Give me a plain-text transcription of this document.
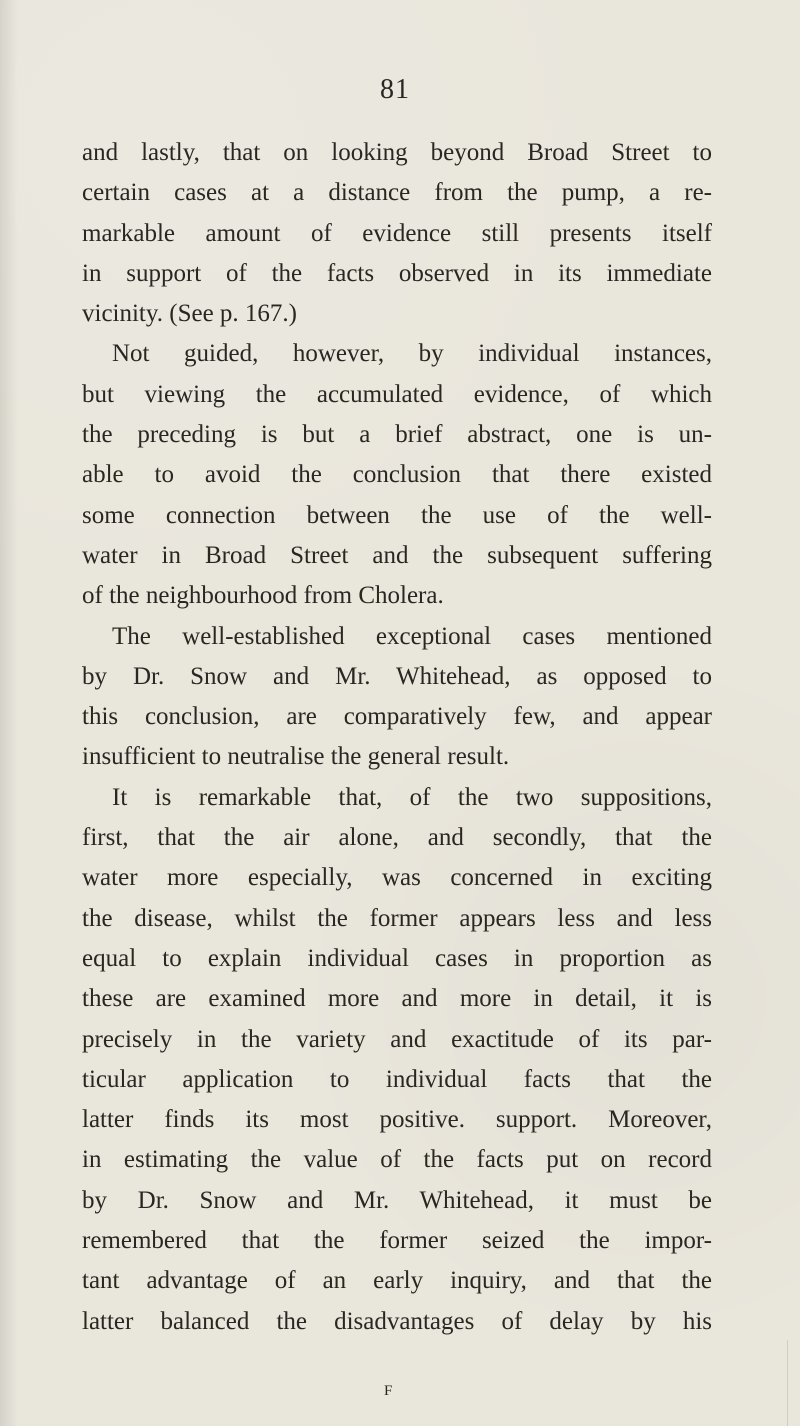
81
and lastly, that on looking beyond Broad Street to
certain cases at a distance from the pump, a re-
markable amount of evidence still presents itself
in support of the facts observed in its immediate
vicinity. (See p. 167.)
Not guided, however, by individual instances,
but viewing the accumulated evidence, of which
the preceding is but a brief abstract, one is un-
able to avoid the conclusion that there existed
some connection between the use of the well-
water in Broad Street and the subsequent suffering
of the neighbourhood from Cholera.
The well-established exceptional cases mentioned
by Dr. Snow and Mr. Whitehead, as opposed to
this conclusion, are comparatively few, and appear
insufficient to neutralise the general result.
It is remarkable that, of the two suppositions,
first, that the air alone, and secondly, that the
water more especially, was concerned in exciting
the disease, whilst the former appears less and less
equal to explain individual cases in proportion as
these are examined more and more in detail, it is
precisely in the variety and exactitude of its par-
ticular application to individual facts that the
latter finds its most positive. support. Moreover,
in estimating the value of the facts put on record
by Dr. Snow and Mr. Whitehead, it must be
remembered that the former seized the impor-
tant advantage of an early inquiry, and that the
latter balanced the disadvantages of delay by his
F
